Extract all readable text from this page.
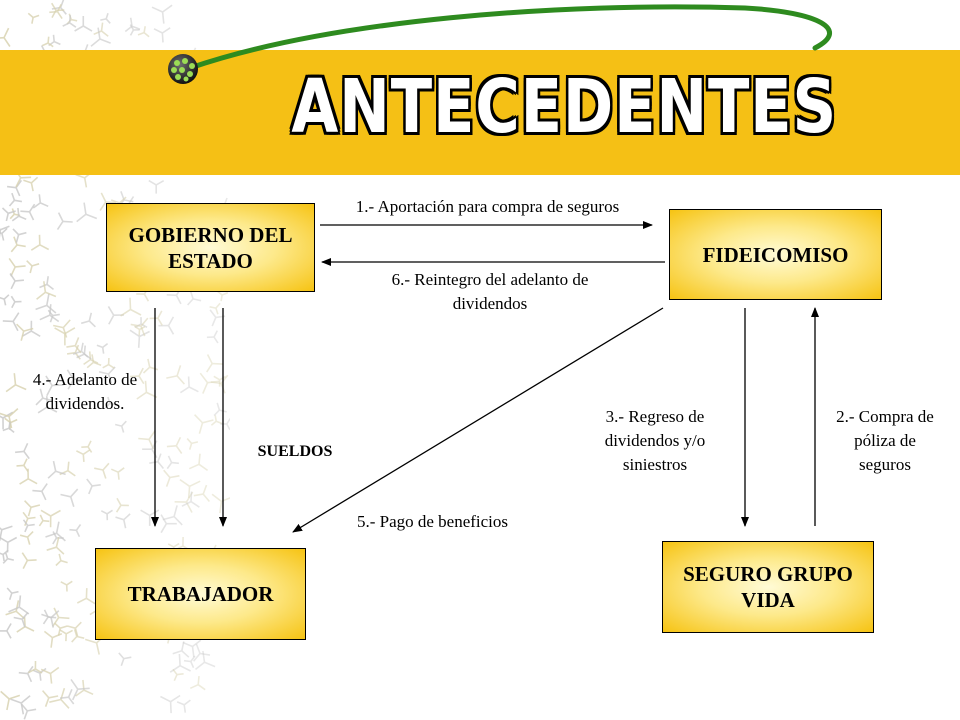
ANTECEDENTES
GOBIERNO DEL
ESTADO	FIDEICOMISO
TRABAJADOR
SEGURO GRUPO
VIDA
1.- Aportación para compra de seguros
6.- Reintegro del adelanto de
dividendos
4.- Adelanto de
dividendos.
SUELDOS
3.- Regreso de
dividendos y/o
siniestros
2.- Compra de
póliza de
seguros
5.- Pago de beneficios
